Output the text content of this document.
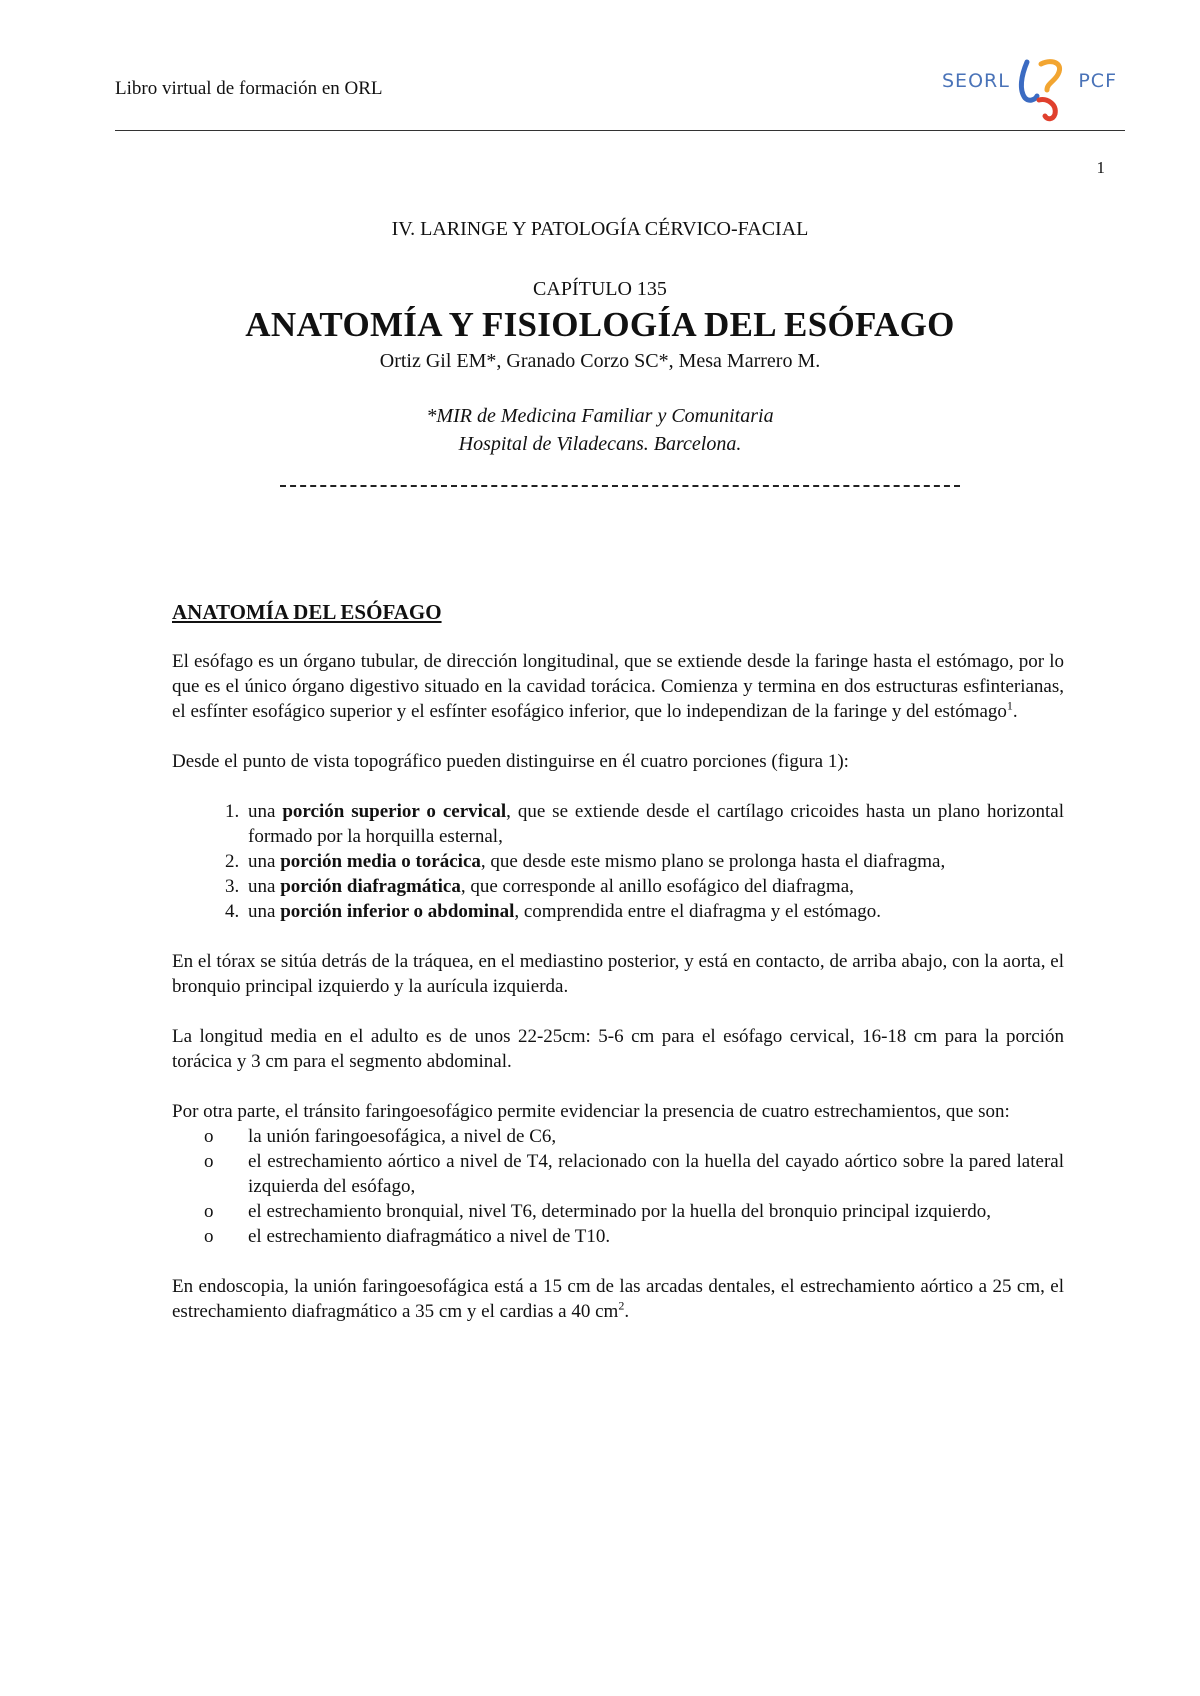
Libro virtual de formación en ORL	SEORL	PCF
1
IV. LARINGE Y PATOLOGÍA CÉRVICO-FACIAL
CAPÍTULO 135
ANATOMÍA Y FISIOLOGÍA DEL ESÓFAGO
Ortiz Gil EM*, Granado Corzo SC*, Mesa Marrero M.
*MIR de Medicina Familiar y Comunitaria
Hospital de Viladecans. Barcelona.
ANATOMÍA DEL ESÓFAGO

El esófago es un órgano tubular, de dirección longitudinal, que se extiende desde la faringe hasta el estómago, por lo que es el único órgano digestivo situado en la cavidad torácica. Comienza y termina en dos estructuras esfinterianas, el esfínter esofágico superior y el esfínter esofágico inferior, que lo independizan de la faringe y del estómago$^1$.

Desde el punto de vista topográfico pueden distinguirse en él cuatro porciones (figura 1):

1. una porción superior o cervical, que se extiende desde el cartílago cricoides hasta un plano horizontal formado por la horquilla esternal,
2. una porción media o torácica, que desde este mismo plano se prolonga hasta el diafragma,
3. una porción diafragmática, que corresponde al anillo esofágico del diafragma,
4. una porción inferior o abdominal, comprendida entre el diafragma y el estómago.

En el tórax se sitúa detrás de la tráquea, en el mediastino posterior, y está en contacto, de arriba abajo, con la aorta, el bronquio principal izquierdo y la aurícula izquierda.

La longitud media en el adulto es de unos 22-25cm: 5-6 cm para el esófago cervical, 16-18 cm para la porción torácica y 3 cm para el segmento abdominal.

Por otra parte, el tránsito faringoesofágico permite evidenciar la presencia de cuatro estrechamientos, que son:

o la unión faringoesofágica, a nivel de C6,
o el estrechamiento aórtico a nivel de T4, relacionado con la huella del cayado aórtico sobre la pared lateral izquierda del esófago,
o el estrechamiento bronquial, nivel T6, determinado por la huella del bronquio principal izquierdo,
o el estrechamiento diafragmático a nivel de T10.

En endoscopia, la unión faringoesofágica está a 15 cm de las arcadas dentales, el estrechamiento aórtico a 25 cm, el estrechamiento diafragmático a 35 cm y el cardias a 40 $cm^2$.
